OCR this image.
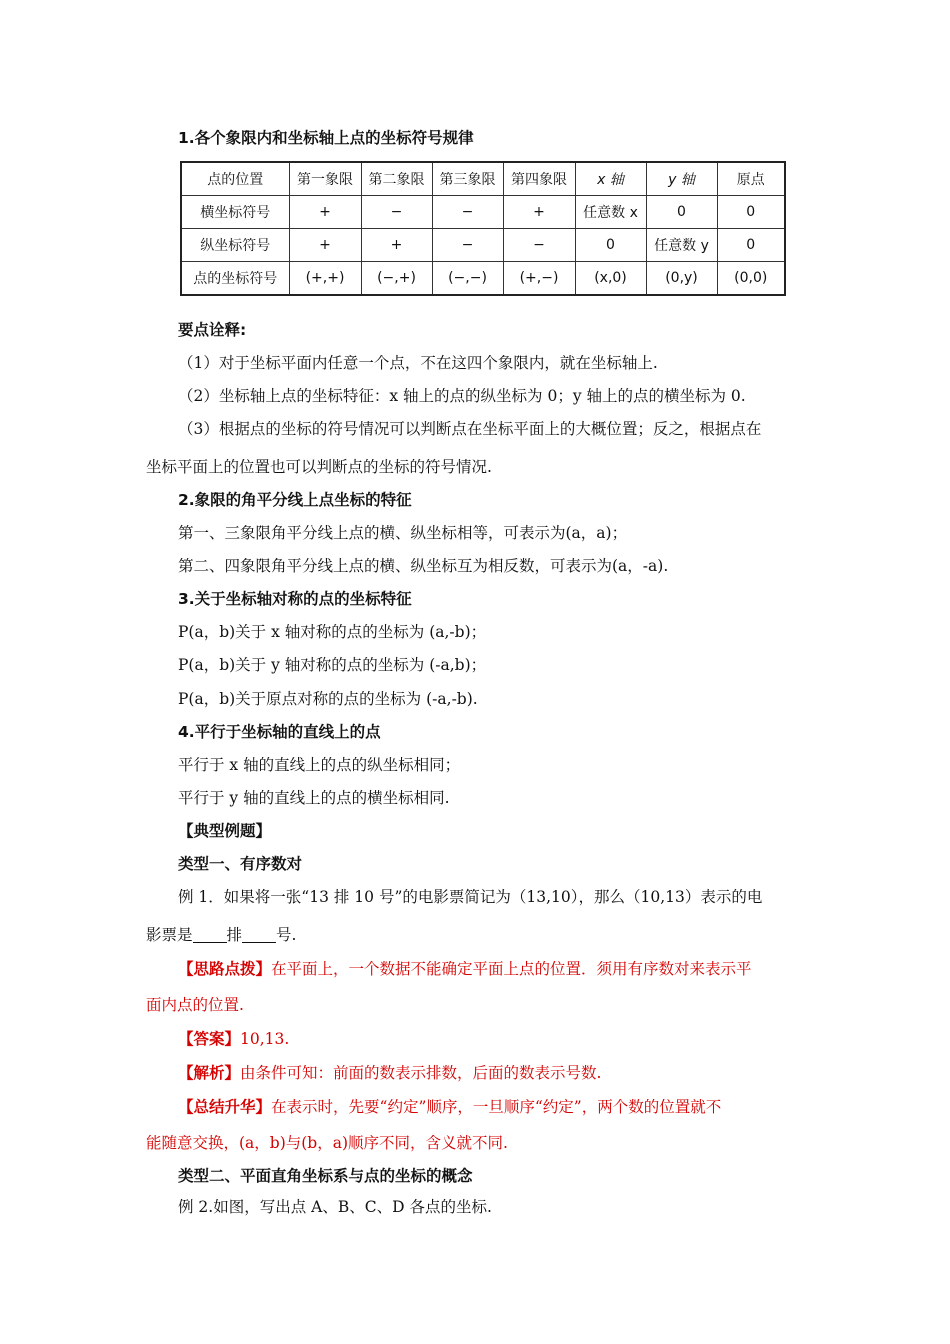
1.各个象限内和坐标轴上点的坐标符号规律
点的位置	第一象限	第二象限	第三象限	第四象限	x 轴	y 轴	原点
横坐标符号	+	−	−	+	任意数 x	0	0
纵坐标符号	+	+	−	−	0	任意数 y	0
点的坐标符号	(+,+)	(−,+)	(−,−)	(+,−)	(x,0)	(0,y)	(0,0)
要点诠释:
（1）对于坐标平面内任意一个点，不在这四个象限内，就在坐标轴上.
（2）坐标轴上点的坐标特征：x 轴上的点的纵坐标为 0；y 轴上的点的横坐标为 0.
（3）根据点的坐标的符号情况可以判断点在坐标平面上的大概位置；反之，根据点在
坐标平面上的位置也可以判断点的坐标的符号情况.
2.象限的角平分线上点坐标的特征
第一、三象限角平分线上点的横、纵坐标相等，可表示为(a，a)；
第二、四象限角平分线上点的横、纵坐标互为相反数，可表示为(a，-a).
3.关于坐标轴对称的点的坐标特征
P(a，b)关于 x 轴对称的点的坐标为 (a,-b)；
P(a，b)关于 y 轴对称的点的坐标为 (-a,b)；
P(a，b)关于原点对称的点的坐标为 (-a,-b).
4.平行于坐标轴的直线上的点
平行于 x 轴的直线上的点的纵坐标相同；
平行于 y 轴的直线上的点的横坐标相同.
【典型例题】
类型一、有序数对
例 1．如果将一张“13 排 10 号”的电影票简记为（13,10），那么（10,13）表示的电
影票是 排 号.
【思路点拨】在平面上，一个数据不能确定平面上点的位置．须用有序数对来表示平
面内点的位置.
【答案】10,13.
【解析】由条件可知：前面的数表示排数，后面的数表示号数.
【总结升华】在表示时，先要“约定”顺序，一旦顺序“约定”，两个数的位置就不
能随意交换，(a，b)与(b，a)顺序不同，含义就不同.
类型二、平面直角坐标系与点的坐标的概念
例 2.如图，写出点 A、B、C、D 各点的坐标.
